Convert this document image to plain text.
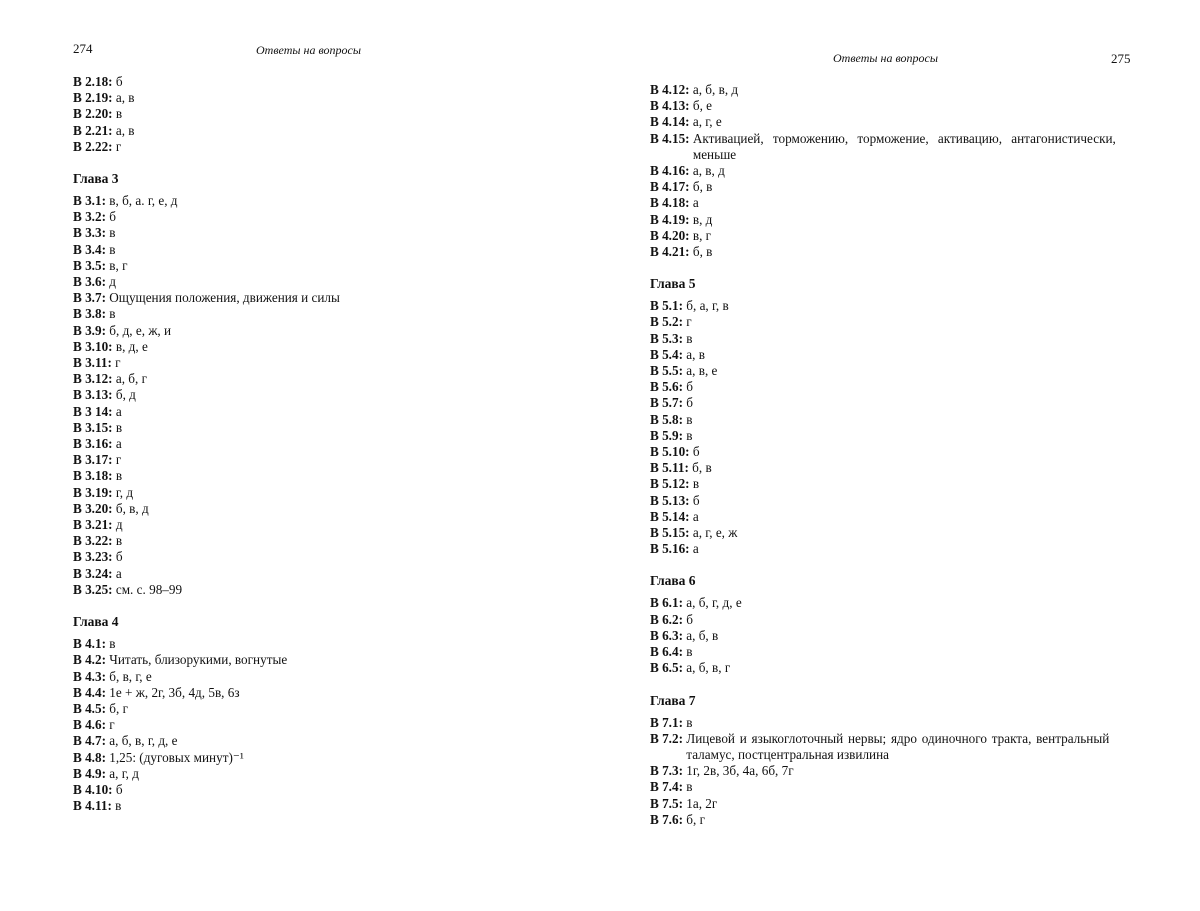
274	Ответы на вопросы
В 2.18: б
В 2.19: а, в
В 2.20: в
В 2.21: а, в
В 2.22: г
Глава 3
В 3.1: в, б, а. г, е, д
В 3.2: б
В 3.3: в
В 3.4: в
В 3.5: в, г
В 3.6: д
В 3.7: Ощущения положения, движения и силы
В 3.8: в
В 3.9: б, д, е, ж, и
В 3.10: в, д, е
В 3.11: г
В 3.12: а, б, г
В 3.13: б, д
В 3 14: а
В 3.15: в
В 3.16: а
В 3.17: г
В 3.18: в
В 3.19: г, д
В 3.20: б, в, д
В 3.21: д
В 3.22: в
В 3.23: б
В 3.24: а
В 3.25: см. с. 98–99
Глава 4
В 4.1: в
В 4.2: Читать, близорукими, вогнутые
В 4.3: б, в, г, е
В 4.4: 1е + ж, 2г, 3б, 4д, 5в, 6з
В 4.5: б, г
В 4.6: г
В 4.7: а, б, в, г, д, е
В 4.8: 1,25: (дуговых минут)⁻¹
В 4.9: а, г, д
В 4.10: б
В 4.11: в
Ответы на вопросы	275
В 4.12: а, б, в, д
В 4.13: б, е
В 4.14: а, г, е
В 4.15:
Активацией, торможению, торможение, активацию, антагонистически, меньше
В 4.16: а, в, д
В 4.17: б, в
В 4.18: а
В 4.19: в, д
В 4.20: в, г
В 4.21: б, в
Глава 5
В 5.1: б, а, г, в
В 5.2: г
В 5.3: в
В 5.4: а, в
В 5.5: а, в, е
В 5.6: б
В 5.7: б
В 5.8: в
В 5.9: в
В 5.10: б
В 5.11: б, в
В 5.12: в
В 5.13: б
В 5.14: а
В 5.15: а, г, е, ж
В 5.16: а
Глава 6
В 6.1: а, б, г, д, е
В 6.2: б
В 6.3: а, б, в
В 6.4: в
В 6.5: а, б, в, г
Глава 7
В 7.1: в
В 7.2:
Лицевой и языкоглоточный нервы; ядро одиночного тракта, вентральный таламус, постцентральная извилина
В 7.3: 1г, 2в, 3б, 4а, 6б, 7г
В 7.4: в
В 7.5: 1а, 2г
В 7.6: б, г
